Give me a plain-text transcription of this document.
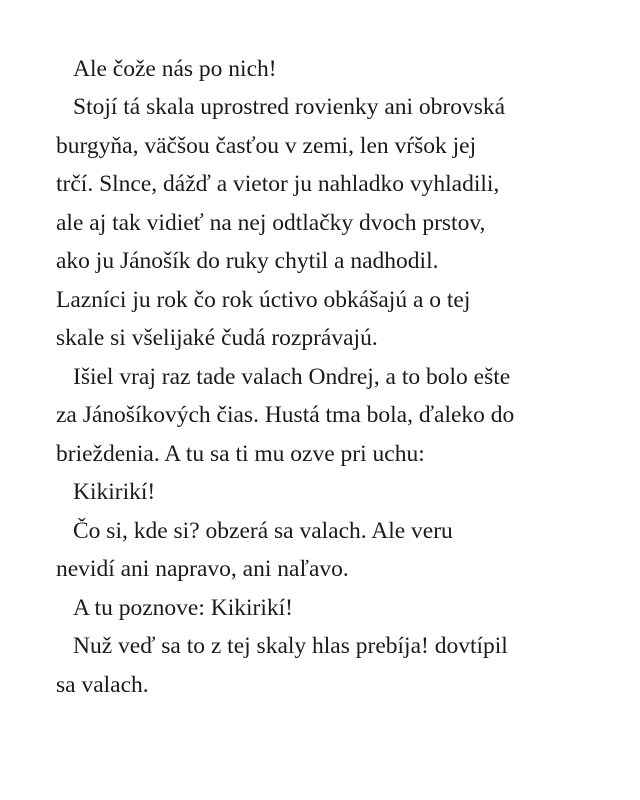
Ale čože nás po nich!

Stojí tá skala uprostred rovienky ani obrovská

burgyňa, väčšou časťou v zemi, len vŕšok jej

trčí. Slnce, dážď a vietor ju nahladko vyhladili,

ale aj tak vidieť na nej odtlačky dvoch prstov,

ako ju Jánošík do ruky chytil a nadhodil.

Lazníci ju rok čo rok úctivo obkášajú a o tej

skale si všelijaké čudá rozprávajú.

Išiel vraj raz tade valach Ondrej, a to bolo ešte

za Jánošíkových čias. Hustá tma bola, ďaleko do

brieždenia. A tu sa ti mu ozve pri uchu:

Kikirikí!

Čo si, kde si? obzerá sa valach. Ale veru

nevidí ani napravo, ani naľavo.

A tu poznove: Kikirikí!

Nuž veď sa to z tej skaly hlas prebíja! dovtípil

sa valach.
